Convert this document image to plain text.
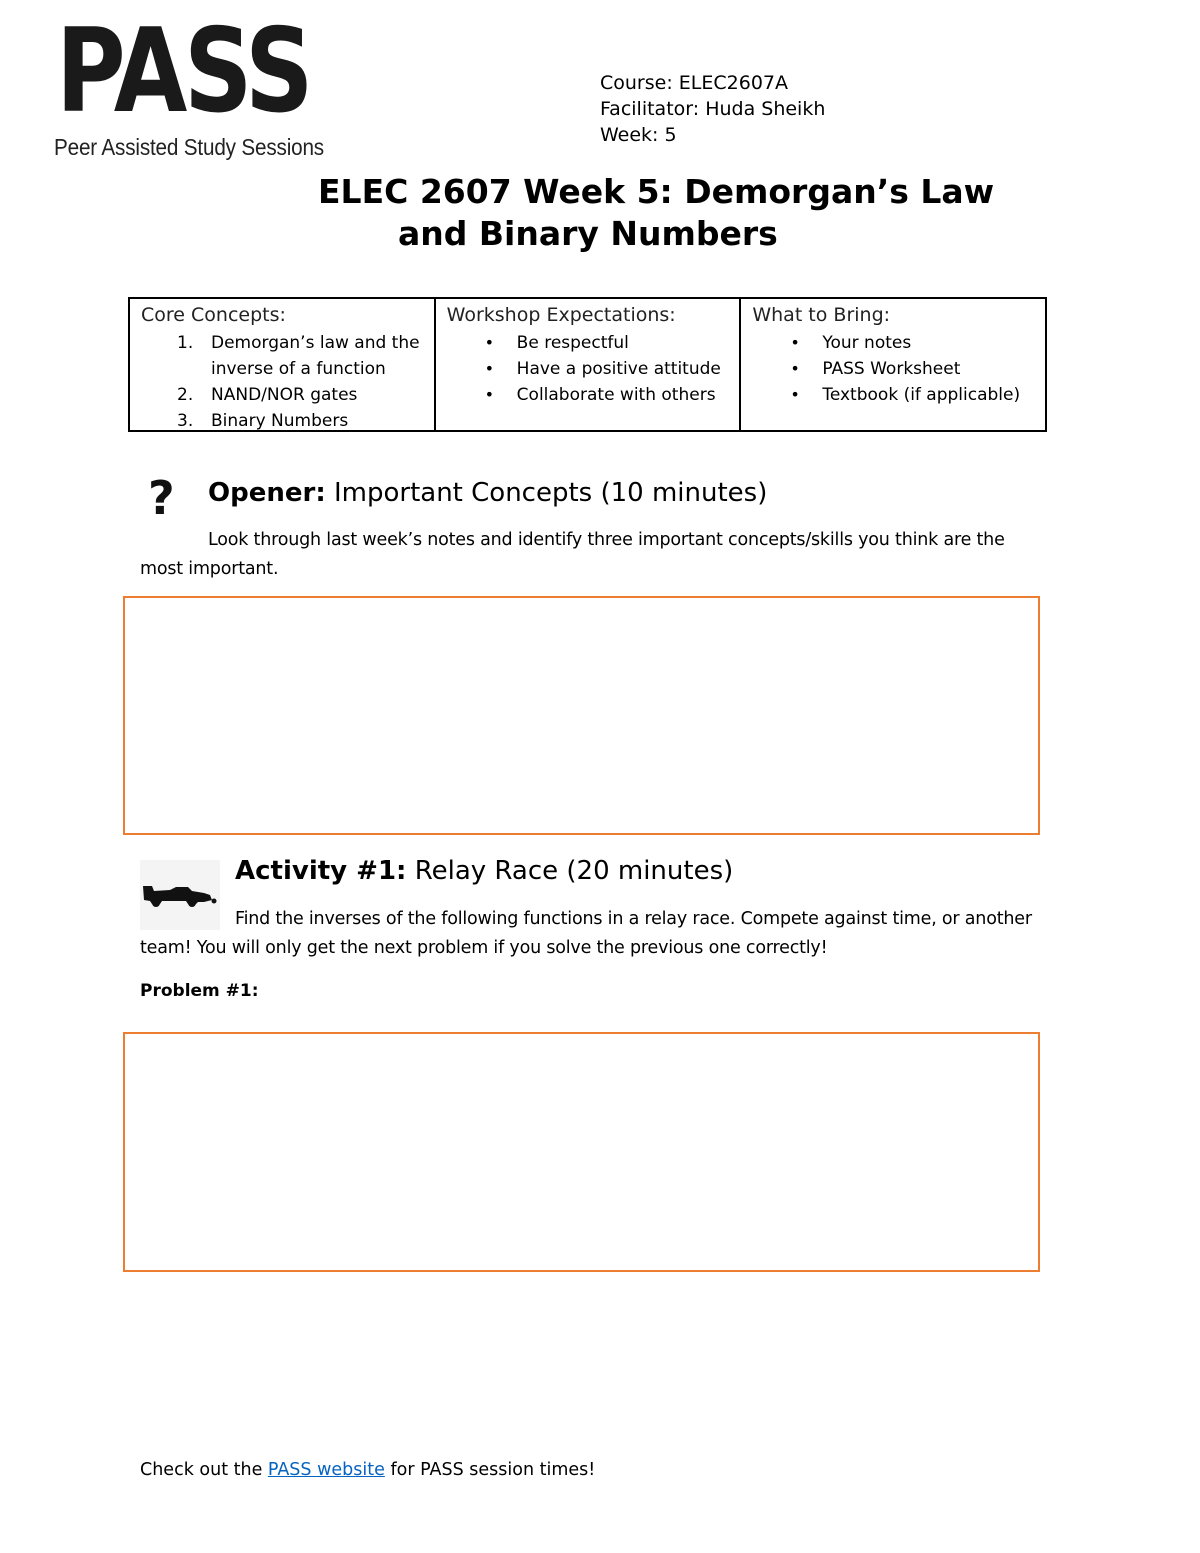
PASS
Peer Assisted Study Sessions
Course: ELEC2607A
Facilitator: Huda Sheikh
Week: 5
ELEC 2607 Week 5: Demorgan’s Law
and Binary Numbers
Core Concepts:
1.	Demorgan’s law and the
inverse of a function
2.	NAND/NOR gates
3.	Binary Numbers
Workshop Expectations:
•	Be respectful
•	Have a positive attitude
•	Collaborate with others
What to Bring:
•	Your notes
•	PASS Worksheet
•	Textbook (if applicable)
?	Opener: Important Concepts (10 minutes)
Look through last week’s notes and identify three important concepts/skills you think are the
most important.
Activity #1: Relay Race (20 minutes)
Find the inverses of the following functions in a relay race. Compete against time, or another
team! You will only get the next problem if you solve the previous one correctly!
Problem #1:
Check out the PASS website for PASS session times!
